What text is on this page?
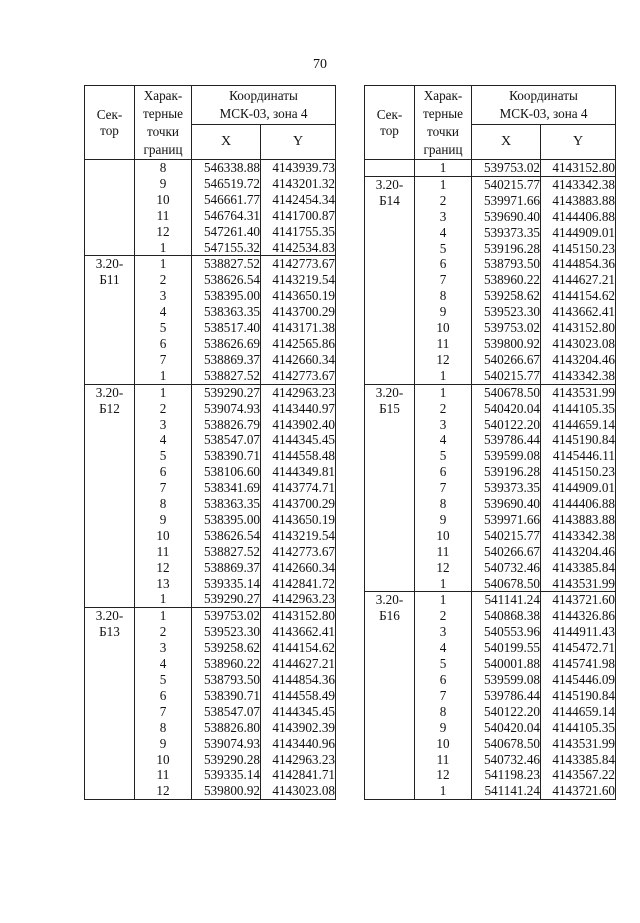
70
Сек-
тор	Харак-
терные
точки
границ	Координаты
МСК-03, зона 4	
		X	Y
	8	546338.88	4143939.73
	9	546519.72	4143201.32
	10	546661.77	4142454.34
	11	546764.31	4141700.87
	12	547261.40	4141755.35
	1	547155.32	4142534.83
3.20-
Б11	1	538827.52	4142773.67
	2	538626.54	4143219.54
	3	538395.00	4143650.19
	4	538363.35	4143700.29
	5	538517.40	4143171.38
	6	538626.69	4142565.86
	7	538869.37	4142660.34
	1	538827.52	4142773.67
3.20-
Б12	1	539290.27	4142963.23
	2	539074.93	4143440.97
	3	538826.79	4143902.40
	4	538547.07	4144345.45
	5	538390.71	4144558.48
	6	538106.60	4144349.81
	7	538341.69	4143774.71
	8	538363.35	4143700.29
	9	538395.00	4143650.19
	10	538626.54	4143219.54
	11	538827.52	4142773.67
	12	538869.37	4142660.34
	13	539335.14	4142841.72
	1	539290.27	4142963.23
3.20-
Б13	1	539753.02	4143152.80
	2	539523.30	4143662.41
	3	539258.62	4144154.62
	4	538960.22	4144627.21
	5	538793.50	4144854.36
	6	538390.71	4144558.49
	7	538547.07	4144345.45
	8	538826.80	4143902.39
	9	539074.93	4143440.96
	10	539290.28	4142963.23
	11	539335.14	4142841.71
	12	539800.92	4143023.08
Сек-
тор	Харак-
терные
точки
границ	Координаты
МСК-03, зона 4	
		X	Y
	1	539753.02	4143152.80
3.20-
Б14	1	540215.77	4143342.38
	2	539971.66	4143883.88
	3	539690.40	4144406.88
	4	539373.35	4144909.01
	5	539196.28	4145150.23
	6	538793.50	4144854.36
	7	538960.22	4144627.21
	8	539258.62	4144154.62
	9	539523.30	4143662.41
	10	539753.02	4143152.80
	11	539800.92	4143023.08
	12	540266.67	4143204.46
	1	540215.77	4143342.38
3.20-
Б15	1	540678.50	4143531.99
	2	540420.04	4144105.35
	3	540122.20	4144659.14
	4	539786.44	4145190.84
	5	539599.08	4145446.11
	6	539196.28	4145150.23
	7	539373.35	4144909.01
	8	539690.40	4144406.88
	9	539971.66	4143883.88
	10	540215.77	4143342.38
	11	540266.67	4143204.46
	12	540732.46	4143385.84
	1	540678.50	4143531.99
3.20-
Б16	1	541141.24	4143721.60
	2	540868.38	4144326.86
	3	540553.96	4144911.43
	4	540199.55	4145472.71
	5	540001.88	4145741.98
	6	539599.08	4145446.09
	7	539786.44	4145190.84
	8	540122.20	4144659.14
	9	540420.04	4144105.35
	10	540678.50	4143531.99
	11	540732.46	4143385.84
	12	541198.23	4143567.22
	1	541141.24	4143721.60
